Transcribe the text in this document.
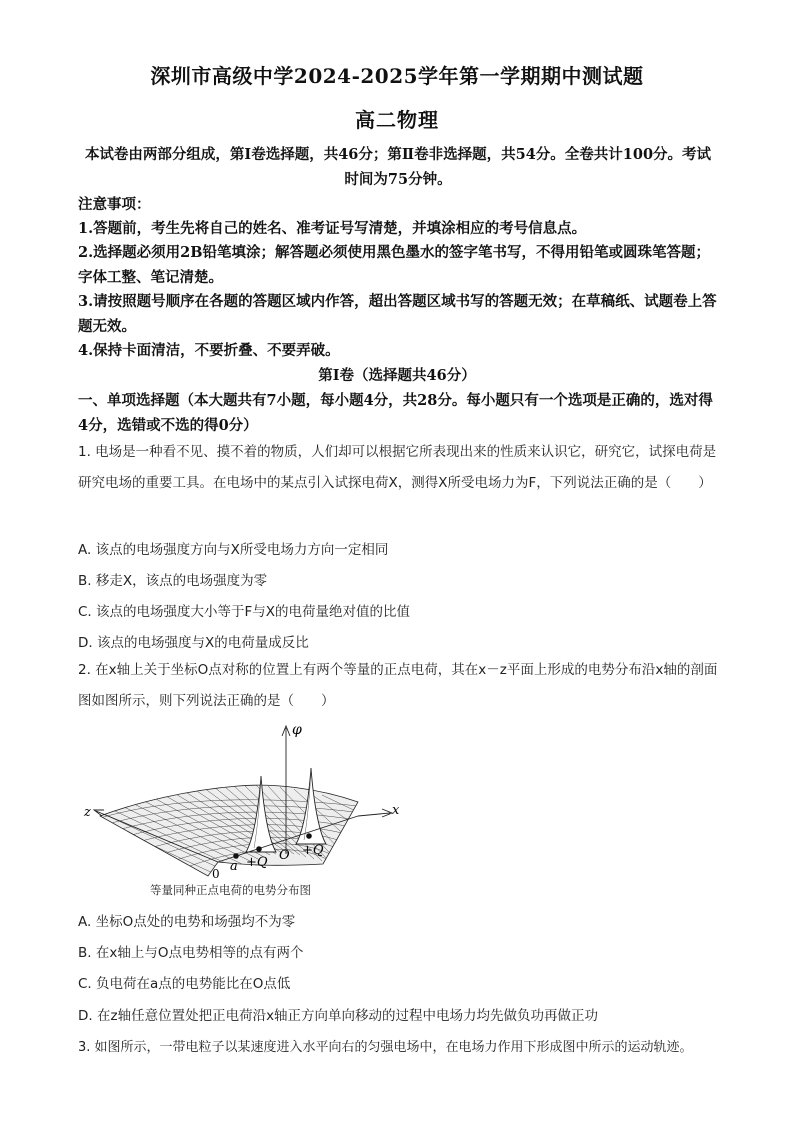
深圳市高级中学2024-2025学年第一学期期中测试题
高二物理
本试卷由两部分组成，第Ⅰ卷选择题，共46分；第Ⅱ卷非选择题，共54分。全卷共计100分。考试时间为75分钟。
注意事项：
1.答题前，考生先将自己的姓名、准考证号写清楚，并填涂相应的考号信息点。
2.选择题必须用2B铅笔填涂；解答题必须使用黑色墨水的签字笔书写，不得用铅笔或圆珠笔答题；字体工整、笔记清楚。
3.请按照题号顺序在各题的答题区域内作答，超出答题区域书写的答题无效；在草稿纸、试题卷上答题无效。
4.保持卡面清洁，不要折叠、不要弄破。
第Ⅰ卷（选择题共46分）
一、单项选择题（本大题共有7小题，每小题4分，共28分。每小题只有一个选项是正确的，选对得4分，选错或不选的得0分）
1. 电场是一种看不见、摸不着的物质，人们却可以根据它所表现出来的性质来认识它，研究它，试探电荷是研究电场的重要工具。在电场中的某点引入试探电荷X，测得X所受电场力为F，下列说法正确的是（　　）
A. 该点的电场强度方向与X所受电场力方向一定相同
B. 移走X，该点的电场强度为零
C. 该点的电场强度大小等于F与X的电荷量绝对值的比值
D. 该点的电场强度与X的电荷量成反比
2. 在x轴上关于坐标O点对称的位置上有两个等量的正点电荷，其在x－z平面上形成的电势分布沿x轴的剖面图如图所示，则下列说法正确的是（　　）
φ
x
z
0 a +Q O +Q
等量同种正点电荷的电势分布图
A. 坐标O点处的电势和场强均不为零
B. 在x轴上与O点电势相等的点有两个
C. 负电荷在a点的电势能比在O点低
D. 在z轴任意位置处把正电荷沿x轴正方向单向移动的过程中电场力均先做负功再做正功
3. 如图所示，一带电粒子以某速度进入水平向右的匀强电场中，在电场力作用下形成图中所示的运动轨迹。
